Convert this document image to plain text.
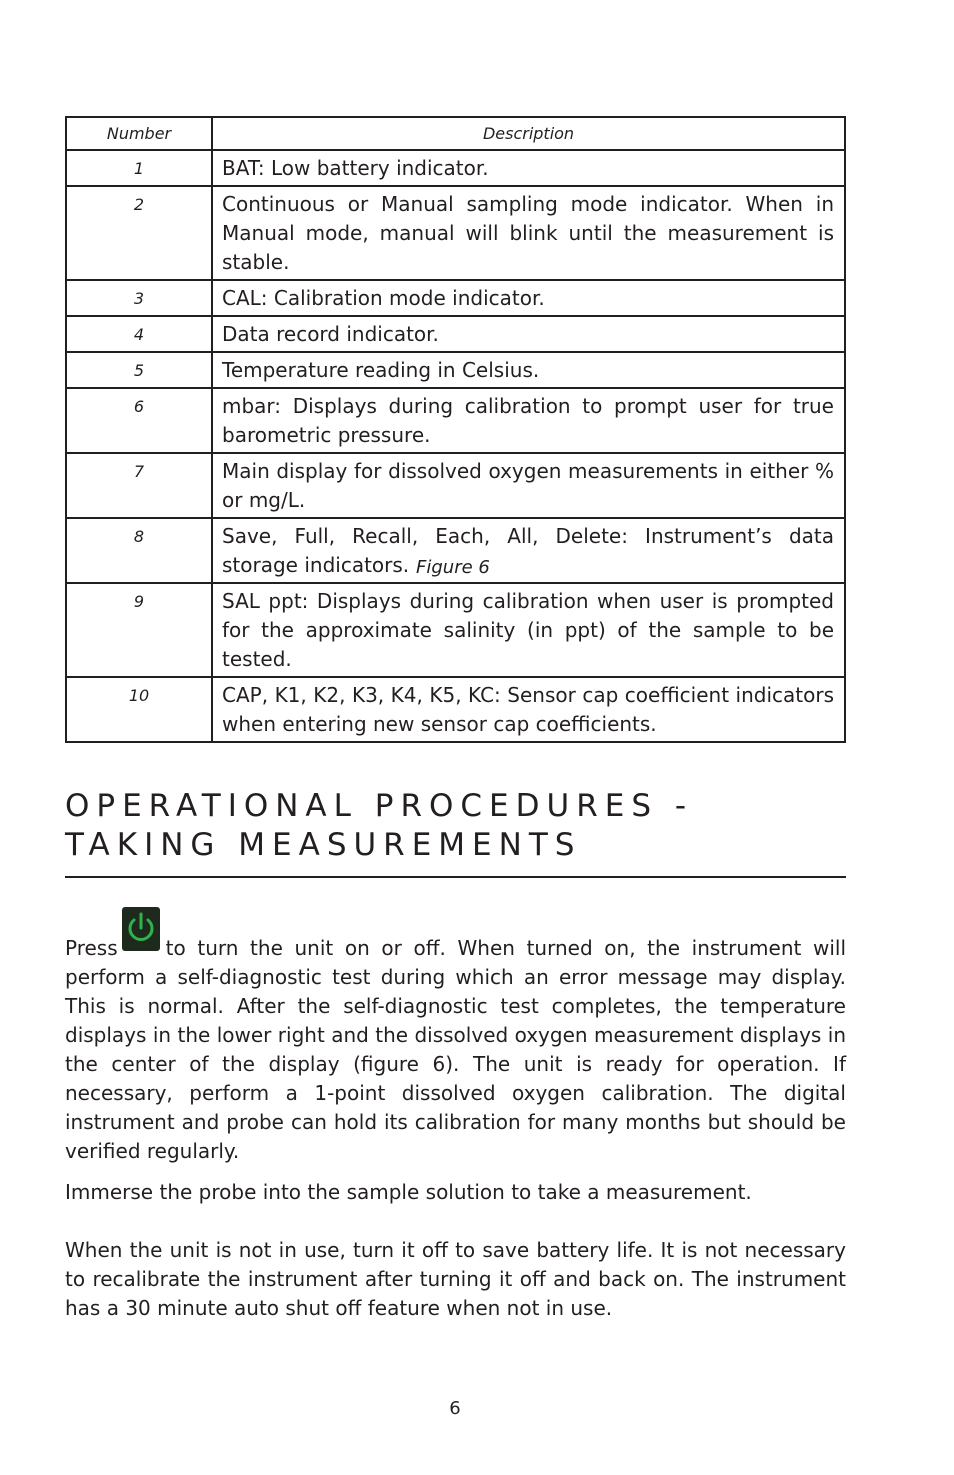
Number	Description
1	BAT: Low battery indicator.
2	Continuous or Manual sampling mode indicator. When in Manual mode, manual will blink until the measurement is stable.
3	CAL: Calibration mode indicator.
4	Data record indicator.
5	Temperature reading in Celsius.
6	mbar: Displays during calibration to prompt user for true barometric pressure.
7	Main display for dissolved oxygen measurements in either % or mg/L.
8	Save, Full, Recall, Each, All, Delete: Instrument’s data storage indicators.
9	SAL ppt: Displays during calibration when user is prompted for the approximate salinity (in ppt) of the sample to be tested.
10	CAP, K1, K2, K3, K4, K5, KC: Sensor cap coefficient indicators when entering new sensor cap coefficients.
Figure 6
OPERATIONAL PROCEDURES -
TAKING MEASUREMENTS

Press to turn the unit on or off. When turned on, the instrument will perform a self-diagnostic test during which an error message may display. This is normal. After the self-diagnostic test completes, the temperature displays in the lower right and the dissolved oxygen measurement displays in the center of the display (figure 6). The unit is ready for operation. If necessary, perform a 1-point dissolved oxygen calibration. The digital instrument and probe can hold its calibration for many months but should be verified regularly.

Immerse the probe into the sample solution to take a measurement.

When the unit is not in use, turn it off to save battery life. It is not necessary to recalibrate the instrument after turning it off and back on. The instrument has a 30 minute auto shut off feature when not in use.

6
